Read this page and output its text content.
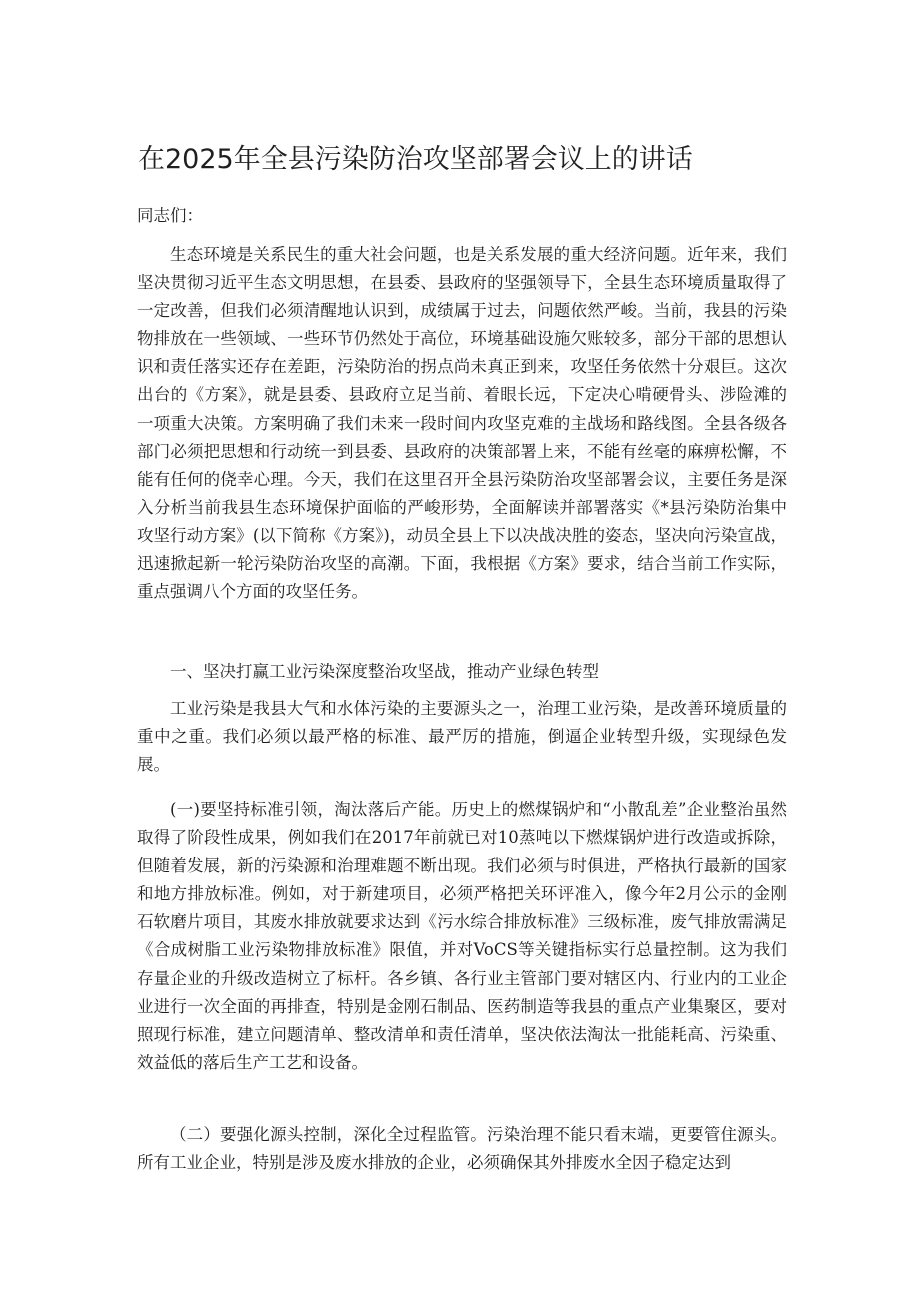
在2025年全县污染防治攻坚部署会议上的讲话
同志们：
生态环境是关系民生的重大社会问题，也是关系发展的重大经济问题。近年来，我们坚决贯彻习近平生态文明思想，在县委、县政府的坚强领导下，全县生态环境质量取得了一定改善，但我们必须清醒地认识到，成绩属于过去，问题依然严峻。当前，我县的污染物排放在一些领域、一些环节仍然处于高位，环境基础设施欠账较多，部分干部的思想认识和责任落实还存在差距，污染防治的拐点尚未真正到来，攻坚任务依然十分艰巨。这次出台的《方案》，就是县委、县政府立足当前、着眼长远，下定决心啃硬骨头、涉险滩的一项重大决策。方案明确了我们未来一段时间内攻坚克难的主战场和路线图。全县各级各部门必须把思想和行动统一到县委、县政府的决策部署上来，不能有丝毫的麻痹松懈，不能有任何的侥幸心理。今天，我们在这里召开全县污染防治攻坚部署会议，主要任务是深入分析当前我县生态环境保护面临的严峻形势，全面解读并部署落实《*县污染防治集中攻坚行动方案》(以下简称《方案》)，动员全县上下以决战决胜的姿态，坚决向污染宣战，迅速掀起新一轮污染防治攻坚的高潮。下面，我根据《方案》要求，结合当前工作实际，重点强调八个方面的攻坚任务。
一、坚决打赢工业污染深度整治攻坚战，推动产业绿色转型
工业污染是我县大气和水体污染的主要源头之一，治理工业污染，是改善环境质量的重中之重。我们必须以最严格的标准、最严厉的措施，倒逼企业转型升级，实现绿色发展。
(一)要坚持标准引领，淘汰落后产能。历史上的燃煤锅炉和“小散乱差”企业整治虽然取得了阶段性成果，例如我们在2017年前就已对10蒸吨以下燃煤锅炉进行改造或拆除，但随着发展，新的污染源和治理难题不断出现。我们必须与时俱进，严格执行最新的国家和地方排放标准。例如，对于新建项目，必须严格把关环评准入，像今年2月公示的金刚石软磨片项目，其废水排放就要求达到《污水综合排放标准》三级标准，废气排放需满足《合成树脂工业污染物排放标准》限值，并对VoCS等关键指标实行总量控制。这为我们存量企业的升级改造树立了标杆。各乡镇、各行业主管部门要对辖区内、行业内的工业企业进行一次全面的再排查，特别是金刚石制品、医药制造等我县的重点产业集聚区，要对照现行标准，建立问题清单、整改清单和责任清单，坚决依法淘汰一批能耗高、污染重、效益低的落后生产工艺和设备。
（二）要强化源头控制，深化全过程监管。污染治理不能只看末端，更要管住源头。所有工业企业，特别是涉及废水排放的企业，必须确保其外排废水全因子稳定达到
